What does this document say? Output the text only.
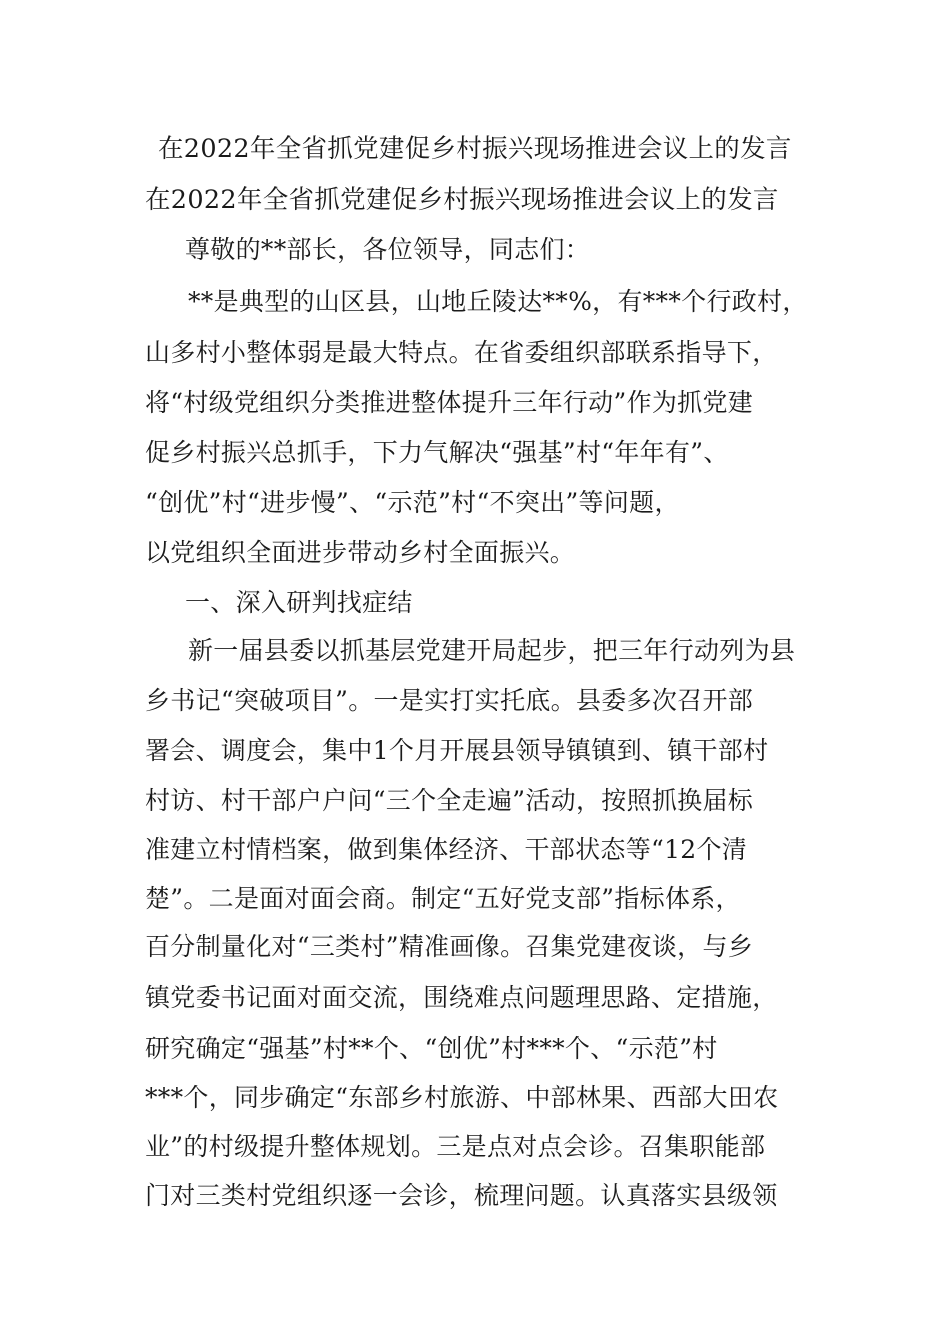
在2022年全省抓党建促乡村振兴现场推进会议上的发言
在2022年全省抓党建促乡村振兴现场推进会议上的发言
尊敬的**部长，各位领导，同志们：
**是典型的山区县，山地丘陵达**%，有***个行政村，
山多村小整体弱是最大特点。在省委组织部联系指导下，
将“村级党组织分类推进整体提升三年行动”作为抓党建
促乡村振兴总抓手，下力气解决“强基”村“年年有”、
“创优”村“进步慢”、“示范”村“不突出”等问题，
以党组织全面进步带动乡村全面振兴。
一、深入研判找症结
新一届县委以抓基层党建开局起步，把三年行动列为县
乡书记“突破项目”。一是实打实托底。县委多次召开部
署会、调度会，集中1个月开展县领导镇镇到、镇干部村
村访、村干部户户问“三个全走遍”活动，按照抓换届标
准建立村情档案，做到集体经济、干部状态等“12个清
楚”。二是面对面会商。制定“五好党支部”指标体系，
百分制量化对“三类村”精准画像。召集党建夜谈，与乡
镇党委书记面对面交流，围绕难点问题理思路、定措施，
研究确定“强基”村**个、“创优”村***个、“示范”村
***个，同步确定“东部乡村旅游、中部林果、西部大田农
业”的村级提升整体规划。三是点对点会诊。召集职能部
门对三类村党组织逐一会诊，梳理问题。认真落实县级领
